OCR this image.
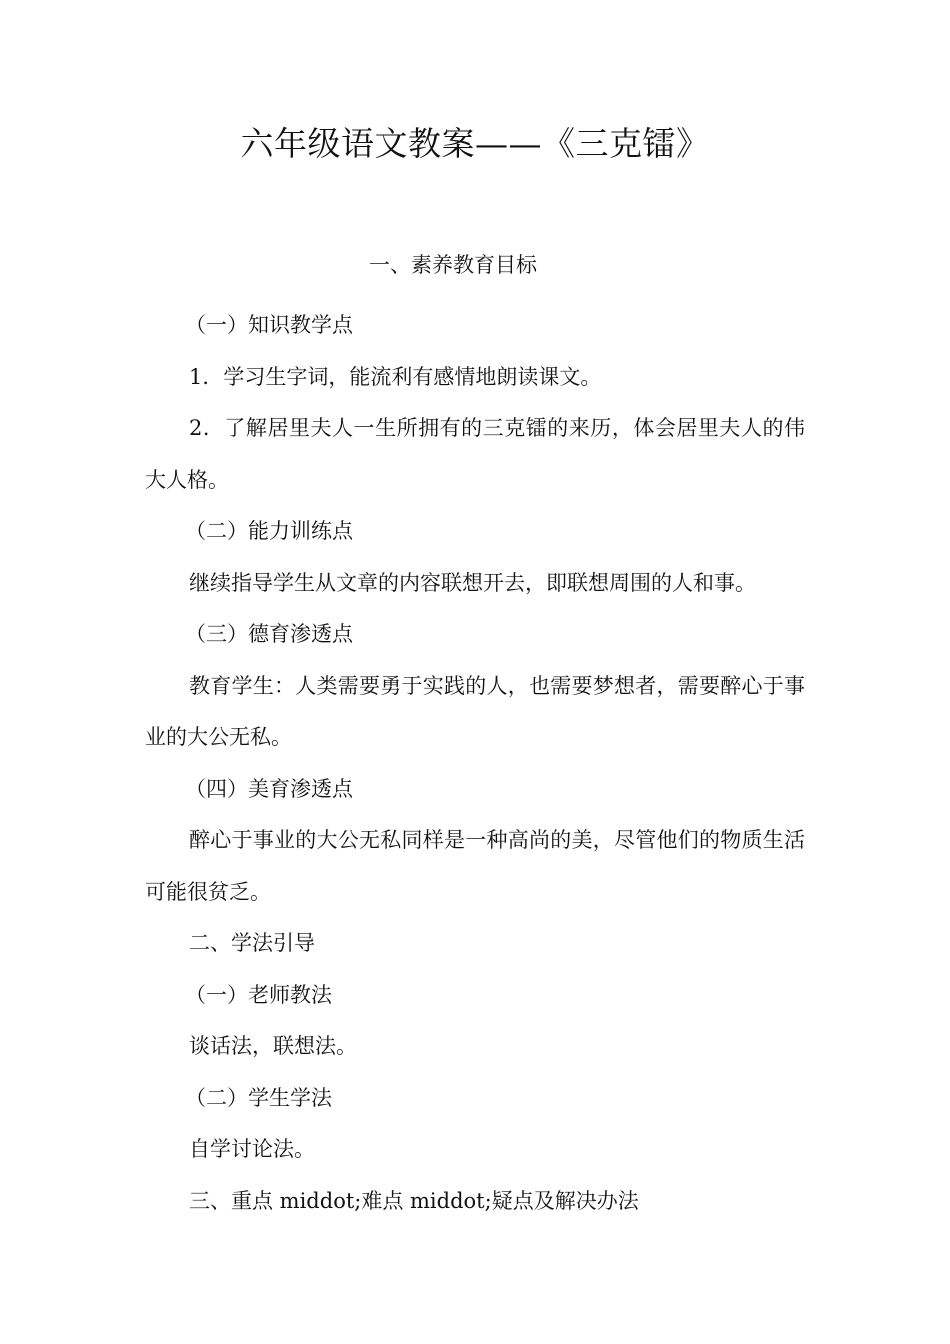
六年级语文教案——《三克镭》
一、素养教育目标

（一）知识教学点

1．学习生字词，能流利有感情地朗读课文。

2．了解居里夫人一生所拥有的三克镭的来历，体会居里夫人的伟大人格。

（二）能力训练点

继续指导学生从文章的内容联想开去，即联想周围的人和事。

（三）德育渗透点

教育学生：人类需要勇于实践的人，也需要梦想者，需要醉心于事业的大公无私。

（四）美育渗透点

醉心于事业的大公无私同样是一种高尚的美，尽管他们的物质生活可能很贫乏。

二、学法引导

（一）老师教法

谈话法，联想法。

（二）学生学法

自学讨论法。

三、重点 middot;难点 middot;疑点及解决办法
